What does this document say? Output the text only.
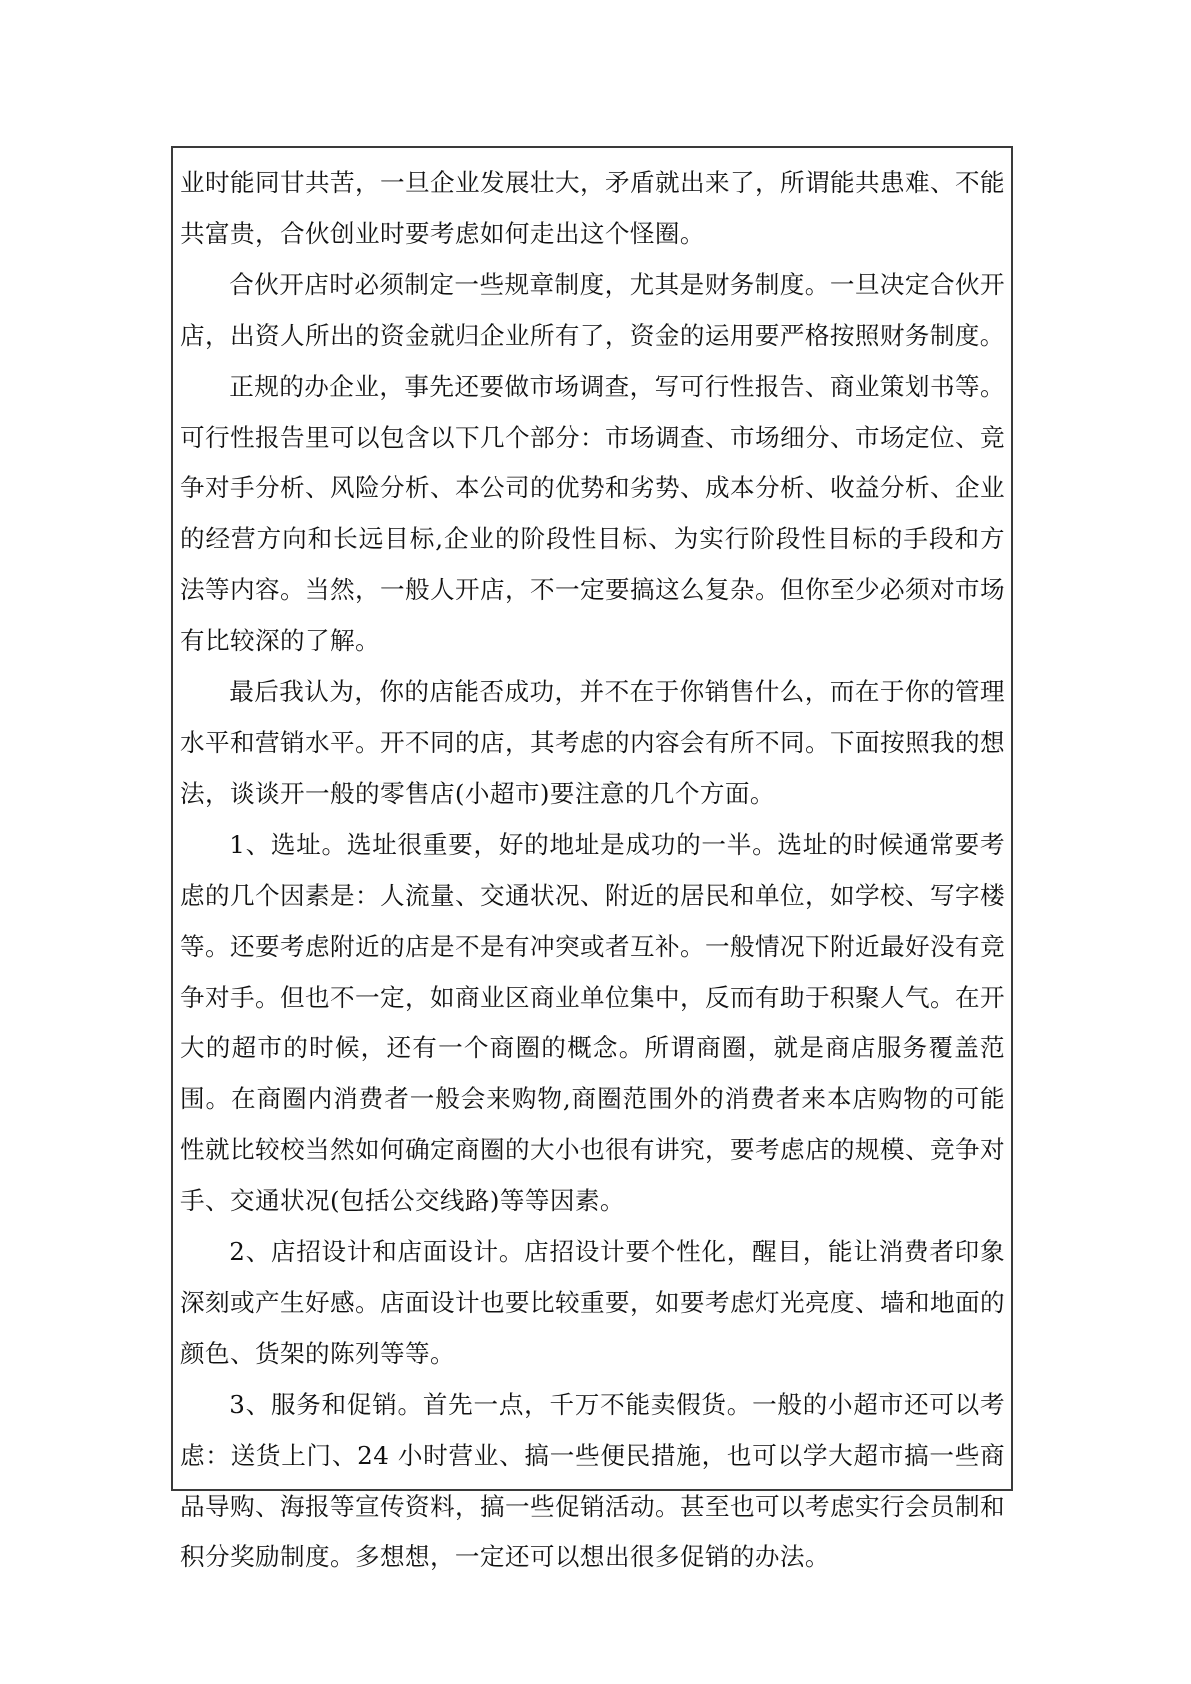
业时能同甘共苦，一旦企业发展壮大，矛盾就出来了，所谓能共患难、不能共富贵，合伙创业时要考虑如何走出这个怪圈。

合伙开店时必须制定一些规章制度，尤其是财务制度。一旦决定合伙开店，出资人所出的资金就归企业所有了，资金的运用要严格按照财务制度。

正规的办企业，事先还要做市场调查，写可行性报告、商业策划书等。可行性报告里可以包含以下几个部分：市场调查、市场细分、市场定位、竞争对手分析、风险分析、本公司的优势和劣势、成本分析、收益分析、企业的经营方向和长远目标,企业的阶段性目标、为实行阶段性目标的手段和方法等内容。当然，一般人开店，不一定要搞这么复杂。但你至少必须对市场有比较深的了解。

最后我认为，你的店能否成功，并不在于你销售什么，而在于你的管理水平和营销水平。开不同的店，其考虑的内容会有所不同。下面按照我的想法，谈谈开一般的零售店(小超市)要注意的几个方面。

1、选址。选址很重要，好的地址是成功的一半。选址的时候通常要考虑的几个因素是：人流量、交通状况、附近的居民和单位，如学校、写字楼等。还要考虑附近的店是不是有冲突或者互补。一般情况下附近最好没有竞争对手。但也不一定，如商业区商业单位集中，反而有助于积聚人气。在开大的超市的时候，还有一个商圈的概念。所谓商圈，就是商店服务覆盖范围。在商圈内消费者一般会来购物,商圈范围外的消费者来本店购物的可能性就比较校当然如何确定商圈的大小也很有讲究，要考虑店的规模、竞争对手、交通状况(包括公交线路)等等因素。

2、店招设计和店面设计。店招设计要个性化，醒目，能让消费者印象深刻或产生好感。店面设计也要比较重要，如要考虑灯光亮度、墙和地面的颜色、货架的陈列等等。

3、服务和促销。首先一点，千万不能卖假货。一般的小超市还可以考虑：送货上门、24 小时营业、搞一些便民措施，也可以学大超市搞一些商品导购、海报等宣传资料，搞一些促销活动。甚至也可以考虑实行会员制和积分奖励制度。多想想，一定还可以想出很多促销的办法。
